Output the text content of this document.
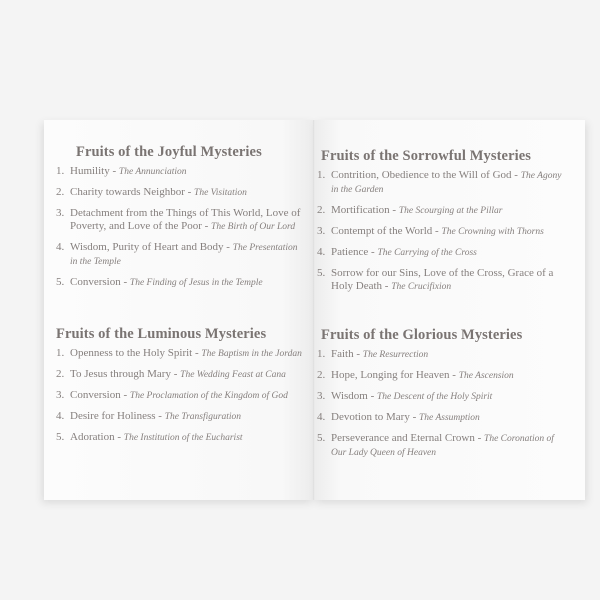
Fruits of the Joyful Mysteries
1. Humility - The Annunciation
2. Charity towards Neighbor - The Visitation
3. Detachment from the Things of This World, Love of Poverty, and Love of the Poor - The Birth of Our Lord
4. Wisdom, Purity of Heart and Body - The Presentation in the Temple
5. Conversion - The Finding of Jesus in the Temple
Fruits of the Luminous Mysteries
1. Openness to the Holy Spirit - The Baptism in the Jordan
2. To Jesus through Mary - The Wedding Feast at Cana
3. Conversion - The Proclamation of the Kingdom of God
4. Desire for Holiness - The Transfiguration
5. Adoration - The Institution of the Eucharist
Fruits of the Sorrowful Mysteries
1. Contrition, Obedience to the Will of God - The Agony in the Garden
2. Mortification - The Scourging at the Pillar
3. Contempt of the World - The Crowning with Thorns
4. Patience - The Carrying of the Cross
5. Sorrow for our Sins, Love of the Cross, Grace of a Holy Death - The Crucifixion
Fruits of the Glorious Mysteries
1. Faith - The Resurrection
2. Hope, Longing for Heaven - The Ascension
3. Wisdom - The Descent of the Holy Spirit
4. Devotion to Mary - The Assumption
5. Perseverance and Eternal Crown - The Coronation of Our Lady Queen of Heaven
